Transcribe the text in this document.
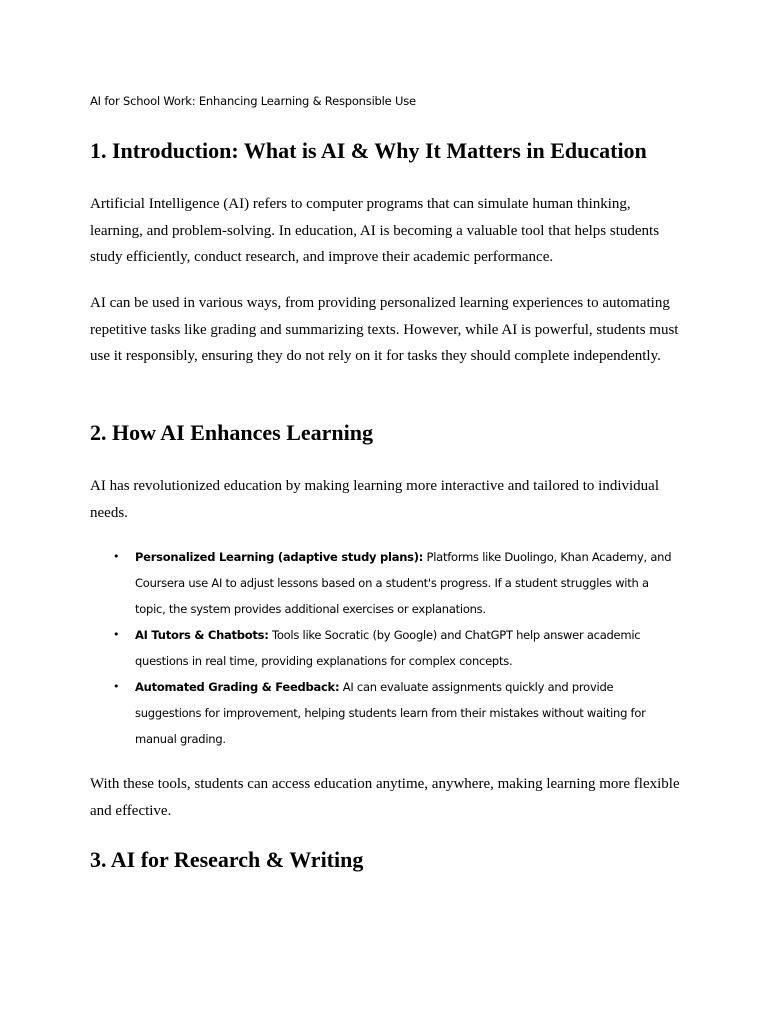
AI for School Work: Enhancing Learning & Responsible Use
1. Introduction: What is AI & Why It Matters in Education

Artificial Intelligence (AI) refers to computer programs that can simulate human thinking, learning, and problem-solving. In education, AI is becoming a valuable tool that helps students study efficiently, conduct research, and improve their academic performance.

AI can be used in various ways, from providing personalized learning experiences to automating repetitive tasks like grading and summarizing texts. However, while AI is powerful, students must use it responsibly, ensuring they do not rely on it for tasks they should complete independently.

2. How AI Enhances Learning

AI has revolutionized education by making learning more interactive and tailored to individual needs.

• Personalized Learning (adaptive study plans): Platforms like Duolingo, Khan Academy, and Coursera use AI to adjust lessons based on a student's progress. If a student struggles with a topic, the system provides additional exercises or explanations.
• AI Tutors & Chatbots: Tools like Socratic (by Google) and ChatGPT help answer academic questions in real time, providing explanations for complex concepts.
• Automated Grading & Feedback: AI can evaluate assignments quickly and provide suggestions for improvement, helping students learn from their mistakes without waiting for manual grading.

With these tools, students can access education anytime, anywhere, making learning more flexible and effective.

3. AI for Research & Writing
